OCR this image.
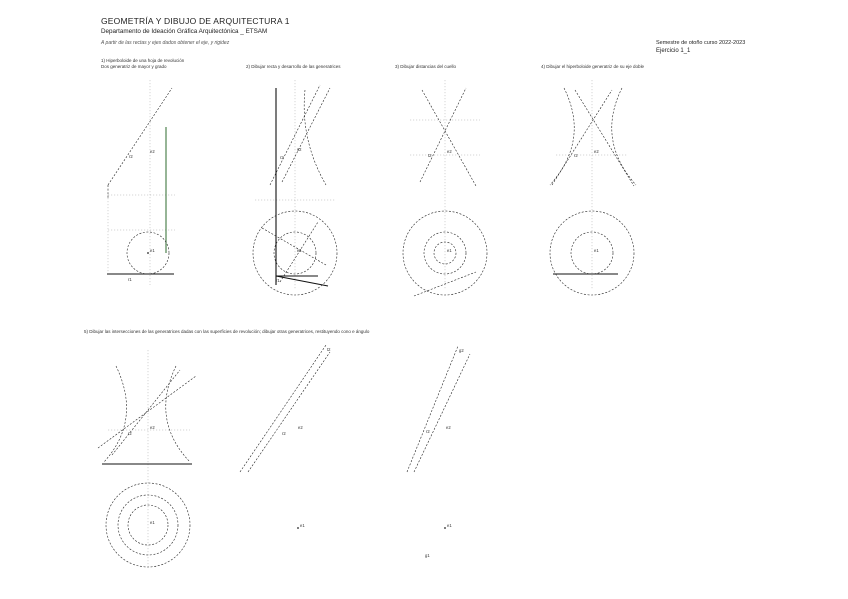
GEOMETRÍA Y DIBUJO DE ARQUITECTURA 1
Departamento de Ideación Gráfica Arquitectónica _ ETSAM
A partir de las rectas y ejes dados obtener el eje, y rigidez	Semestre de otoño curso 2022-2023
Ejercicio 1_1
1) Hiperboloide de una hoja de revolución
Dos generatriz de mayor y grado	2) Dibujar recta y desarrollo de las generatrices	3) Dibujar distancias del cuello	4) Dibujar el hiperboloide generatriz de su eje doble
5) Dibujar las intersecciones de las generatrices dadas con las superficies de revolución; dibujar otras generatrices, restituyendo cono e ángulo
r2
e2
e1
r1
r2
s2
e1
r1
t2
e2
e1
r2
e2
e1
r2
e2
e1
r2
e2
e1
t2
r2
e2
e1
g2
g1
